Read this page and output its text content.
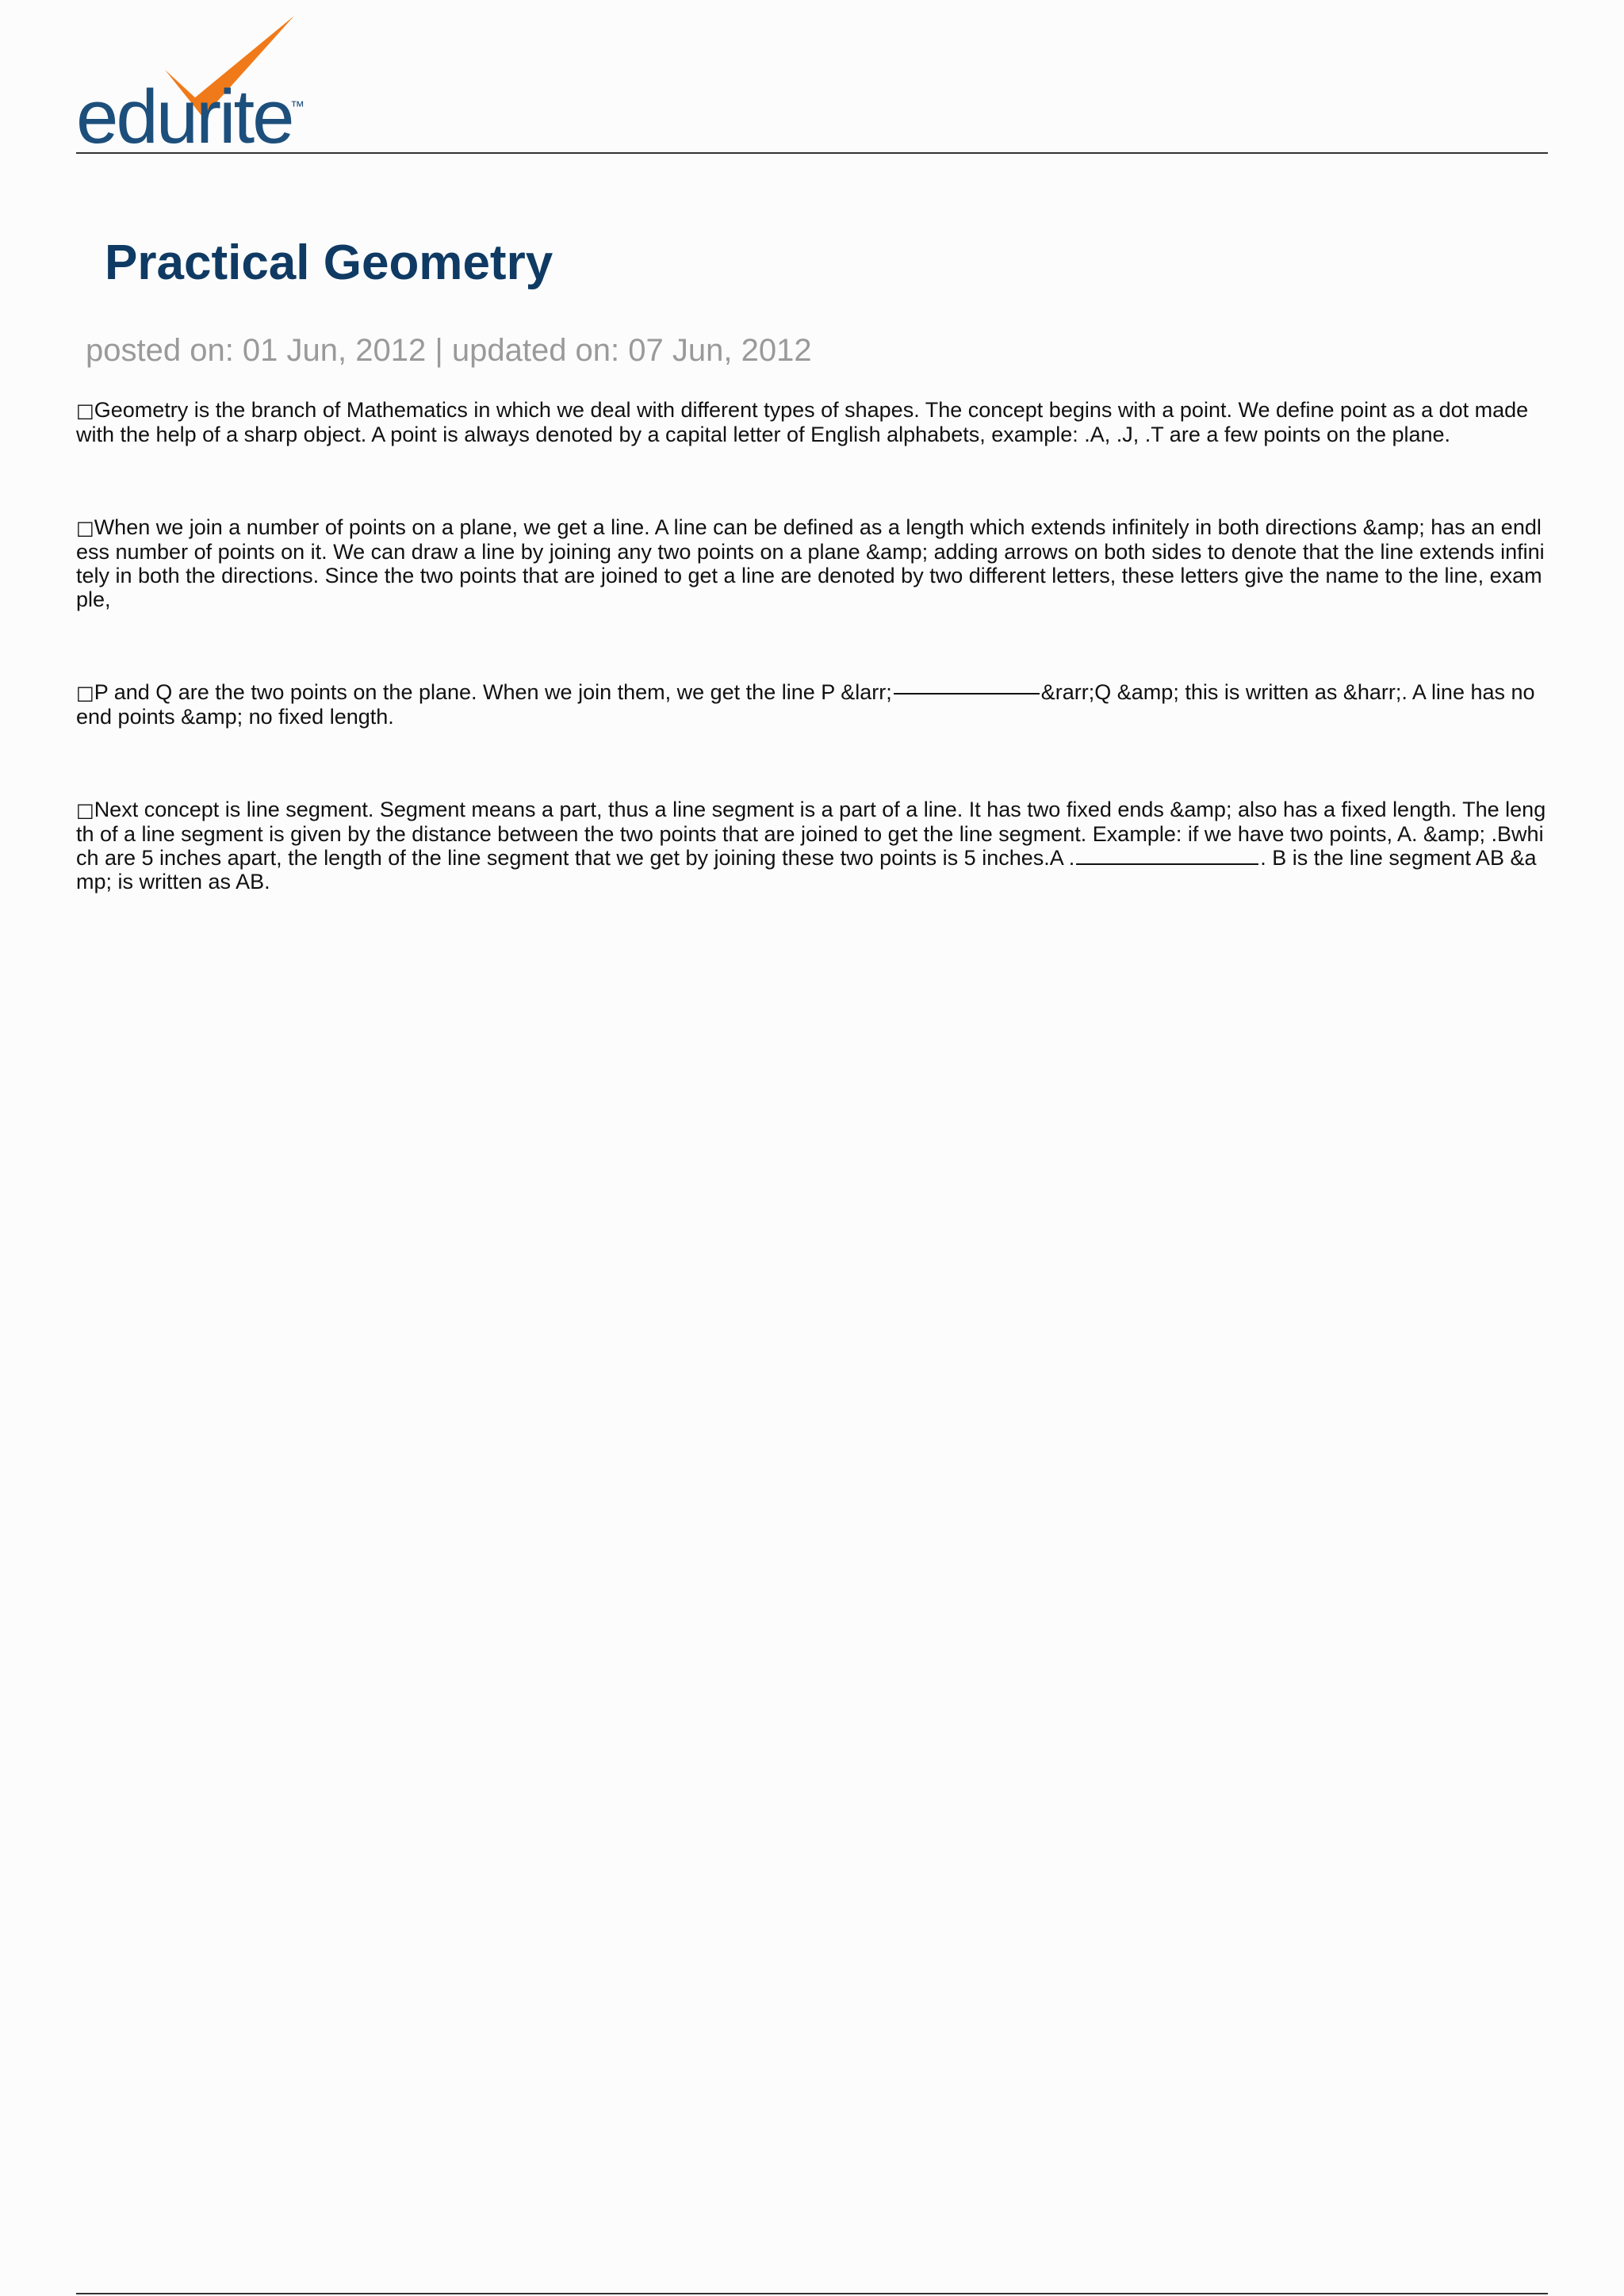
edurite
™
Practical Geometry
posted on: 01 Jun, 2012 | updated on: 07 Jun, 2012

□Geometry is the branch of Mathematics in which we deal with different types of shapes. The concept begins with a point. We define point as a dot made with the help of a sharp object. A point is always denoted by a capital letter of English alphabets, example: .A, .J, .T are a few points on the plane.

□When we join a number of points on a plane, we get a line. A line can be defined as a length which extends infinitely in both directions &amp; has an endless number of points on it. We can draw a line by joining any two points on a plane &amp; adding arrows on both sides to denote that the line extends infinitely in both the directions. Since the two points that are joined to get a line are denoted by two different letters, these letters give the name to the line, example,

□P and Q are the two points on the plane. When we join them, we get the line P &larr;	&rarr;Q &amp; this is written as &harr;. A line has no end points &amp; no fixed length.

□Next concept is line segment. Segment means a part, thus a line segment is a part of a line. It has two fixed ends &amp; also has a fixed length. The length of a line segment is given by the distance between the two points that are joined to get the line segment. Example: if we have two points, A. &amp; .Bwhich are 5 inches apart, the length of the line segment that we get by joining these two points is 5 inches.A .	. B is the line segment AB &amp; is written as AB.
